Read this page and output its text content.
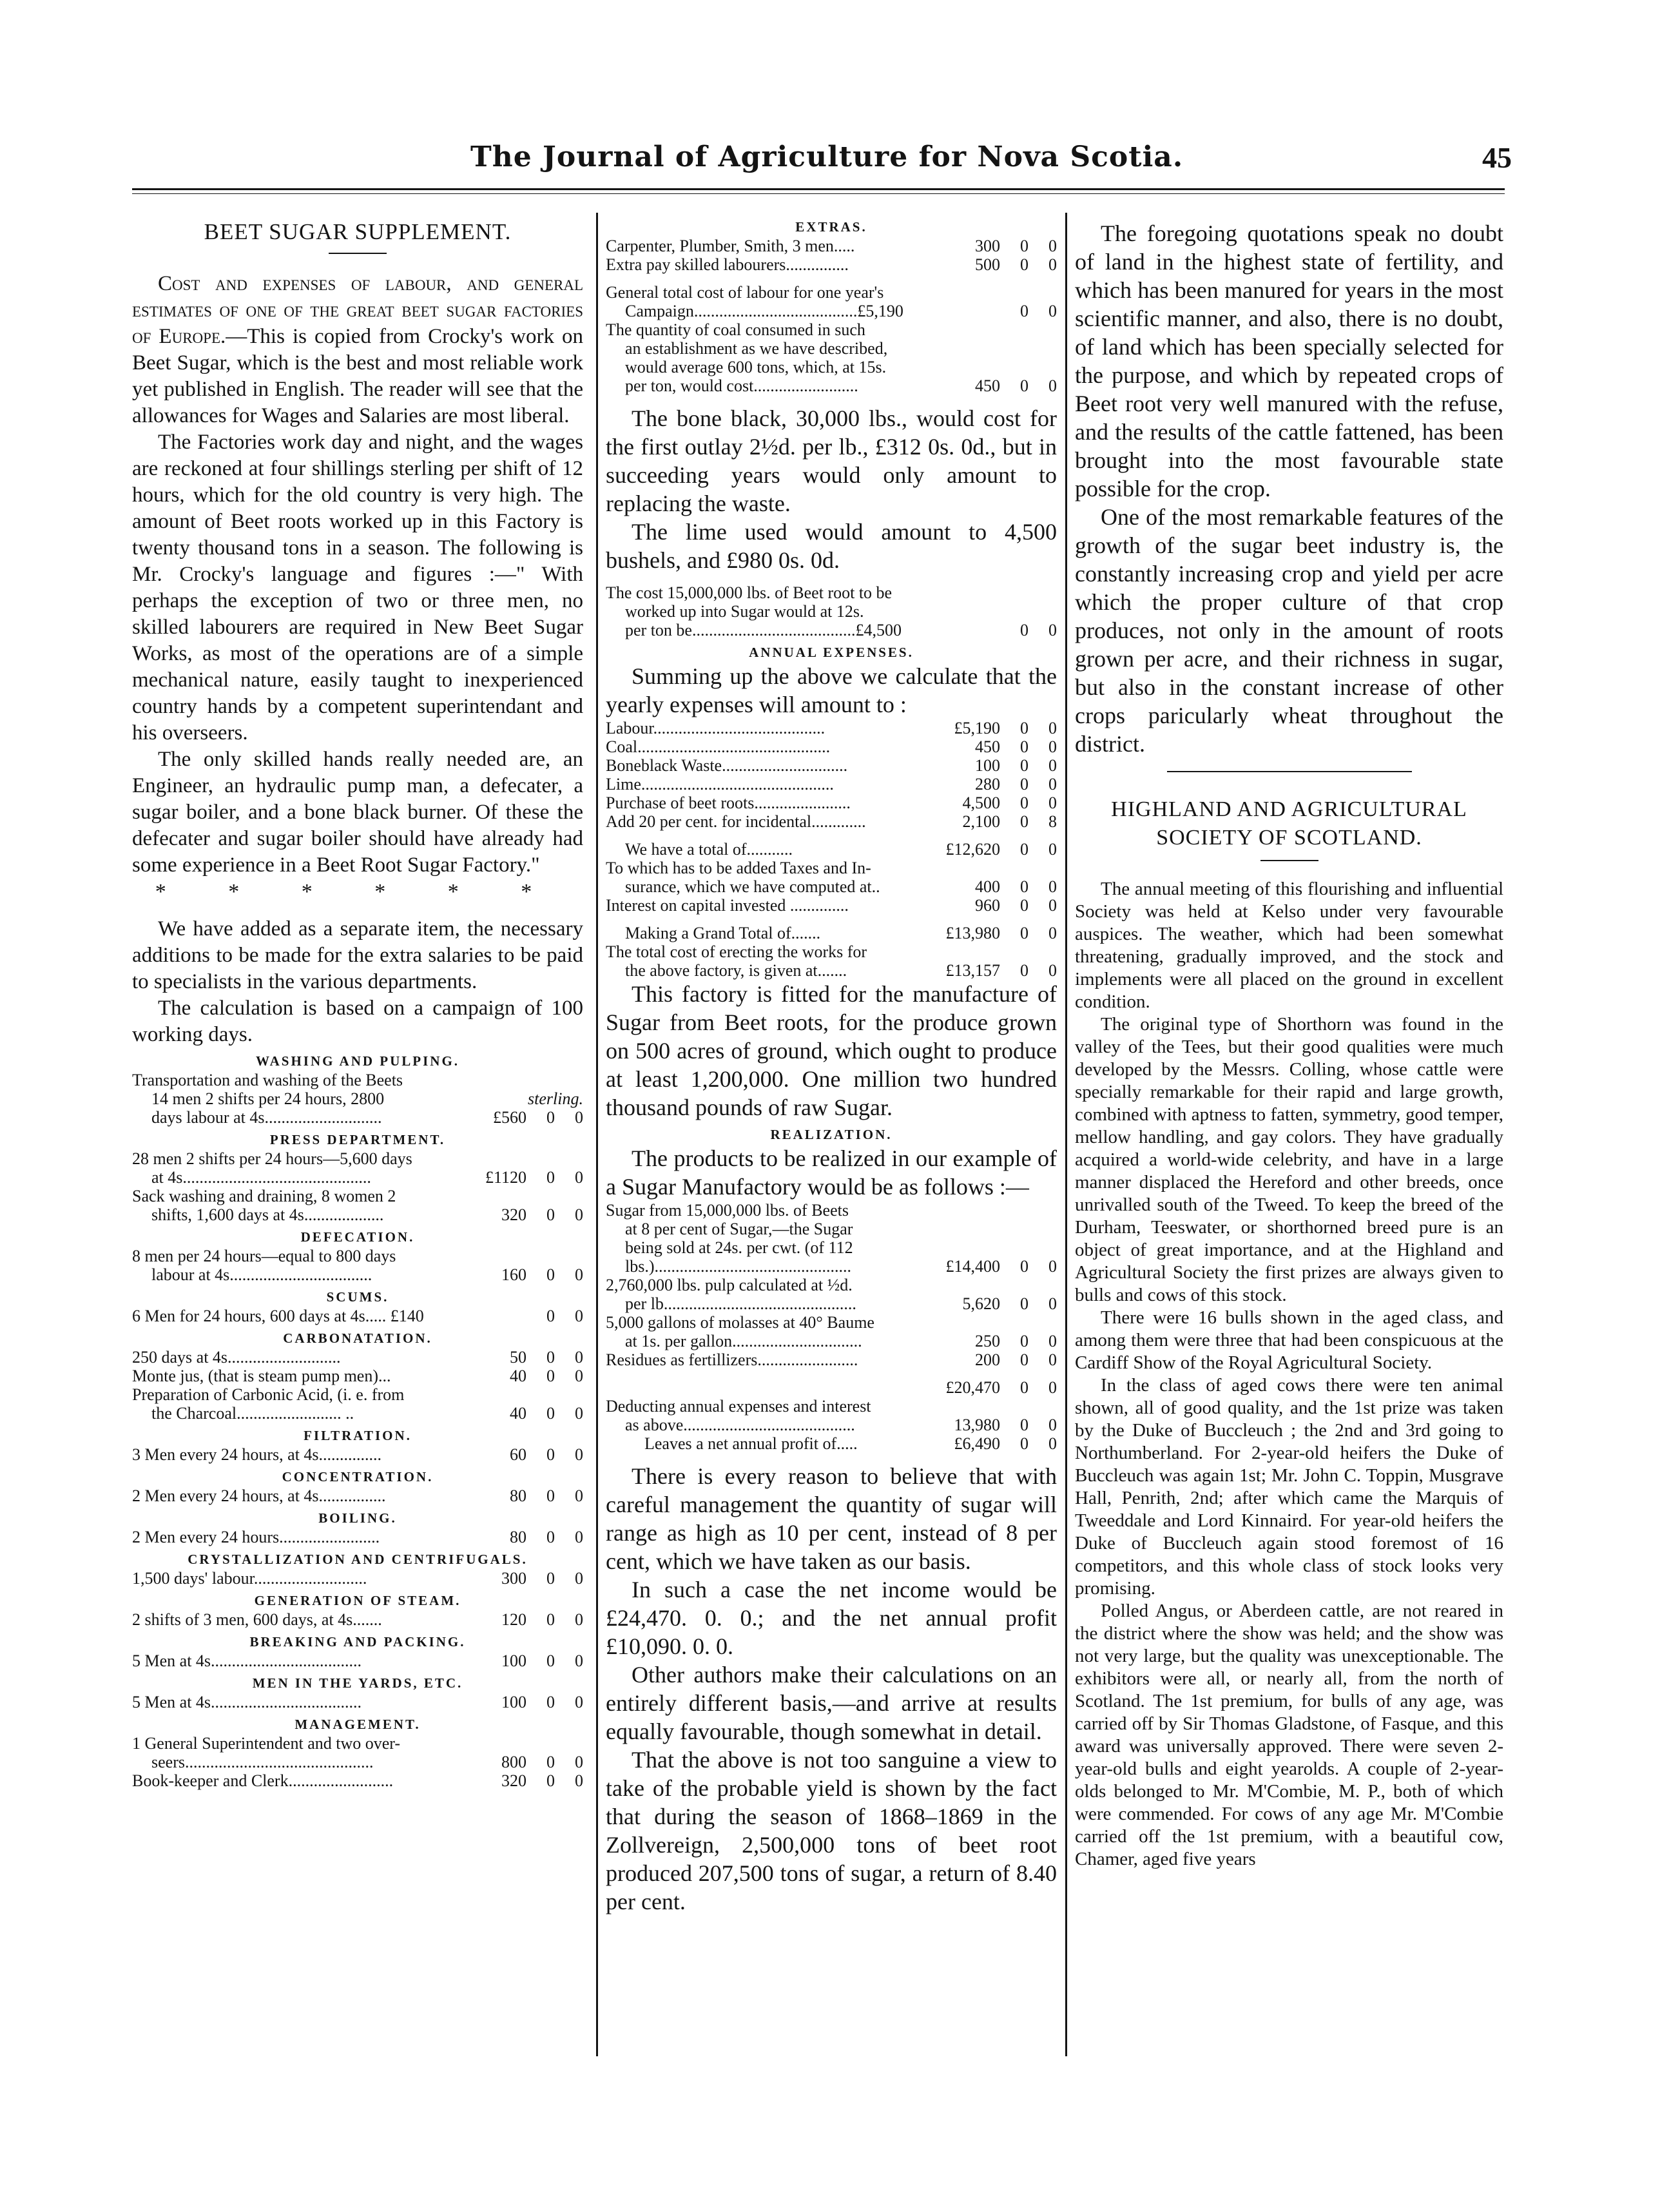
The Journal of Agriculture for Nova Scotia.	45
BEET SUGAR SUPPLEMENT.

Cost and expenses of labour, and general estimates of one of the great beet sugar factories of Europe.—This is copied from Crocky's work on Beet Sugar, which is the best and most reliable work yet published in English. The reader will see that the allowances for Wages and Salaries are most liberal.

The Factories work day and night, and the wages are reckoned at four shillings sterling per shift of 12 hours, which for the old country is very high. The amount of Beet roots worked up in this Factory is twenty thousand tons in a season. The following is Mr. Crocky's language and figures :—" With perhaps the exception of two or three men, no skilled labourers are required in New Beet Sugar Works, as most of the operations are of a simple mechanical nature, easily taught to inexperienced country hands by a competent superintendant and his overseers.

The only skilled hands really needed are, an Engineer, an hydraulic pump man, a defecater, a sugar boiler, and a bone black burner. Of these the defecater and sugar boiler should have already had some experience in a Beet Root Sugar Factory."

* * * * * *

We have added as a separate item, the necessary additions to be made for the extra salaries to be paid to specialists in the various departments.

The calculation is based on a campaign of 100 working days.

WASHING AND PULPING.
Transportation and washing of the Beets
14 men 2 shifts per 24 hours, 2800	sterling.
days labour at 4s............................	£560	0	0
PRESS DEPARTMENT.
28 men 2 shifts per 24 hours—5,600 days
at 4s.............................................	£1120	0	0
Sack washing and draining, 8 women 2
shifts, 1,600 days at 4s...................	320	0	0
DEFECATION.
8 men per 24 hours—equal to 800 days
labour at 4s..................................	160	0	0
SCUMS.
6 Men for 24 hours, 600 days at 4s..... £140	0	0
CARBONATATION.
250 days at 4s...........................	50	0	0
Monte jus, (that is steam pump men)...	40	0	0
Preparation of Carbonic Acid, (i. e. from
the Charcoal......................... ..	40	0	0
FILTRATION.
3 Men every 24 hours, at 4s...............	60	0	0
CONCENTRATION.
2 Men every 24 hours, at 4s................	80	0	0
BOILING.
2 Men every 24 hours........................	80	0	0
CRYSTALLIZATION AND CENTRIFUGALS.
1,500 days' labour...........................	300	0	0
GENERATION OF STEAM.
2 shifts of 3 men, 600 days, at 4s.......	120	0	0
BREAKING AND PACKING.
5 Men at 4s....................................	100	0	0
MEN IN THE YARDS, ETC.
5 Men at 4s....................................	100	0	0
MANAGEMENT.
1 General Superintendent and two over-
seers.............................................	800	0	0
Book-keeper and Clerk.........................	320	0	0
EXTRAS.
Carpenter, Plumber, Smith, 3 men.....	300	0	0
Extra pay skilled labourers...............	500	0	0
General total cost of labour for one year's
Campaign.......................................£5,190	0	0
The quantity of coal consumed in such
an establishment as we have described,
would average 600 tons, which, at 15s.
per ton, would cost.........................	450	0	0

The bone black, 30,000 lbs., would cost for the first outlay 2½d. per lb., £312 0s. 0d., but in succeeding years would only amount to replacing the waste.

The lime used would amount to 4,500 bushels, and £980 0s. 0d.

The cost 15,000,000 lbs. of Beet root to be
worked up into Sugar would at 12s.
per ton be.......................................£4,500	0	0
ANNUAL EXPENSES.

Summing up the above we calculate that the yearly expenses will amount to :

Labour.........................................	£5,190	0	0
Coal..............................................	450	0	0
Boneblack Waste..............................	100	0	0
Lime..............................................	280	0	0
Purchase of beet roots.......................	4,500	0	0
Add 20 per cent. for incidental.............	2,100	0	8
We have a total of...........	£12,620	0	0
To which has to be added Taxes and In-
surance, which we have computed at..	400	0	0
Interest on capital invested ..............	960	0	0
Making a Grand Total of.......	£13,980	0	0
The total cost of erecting the works for
the above factory, is given at.......	£13,157	0	0

This factory is fitted for the manufacture of Sugar from Beet roots, for the produce grown on 500 acres of ground, which ought to produce at least 1,200,000. One million two hundred thousand pounds of raw Sugar.

REALIZATION.

The products to be realized in our example of a Sugar Manufactory would be as follows :—

Sugar from 15,000,000 lbs. of Beets
at 8 per cent of Sugar,—the Sugar
being sold at 24s. per cwt. (of 112
lbs.)...............................................	£14,400	0	0
2,760,000 lbs. pulp calculated at ½d.
per lb..............................................	5,620	0	0
5,000 gallons of molasses at 40° Baume
at 1s. per gallon...............................	250	0	0
Residues as fertillizers........................	200	0	0
£20,470	0	0
Deducting annual expenses and interest
as above.........................................	13,980	0	0
Leaves a net annual profit of.....	£6,490	0	0

There is every reason to believe that with careful management the quantity of sugar will range as high as 10 per cent, instead of 8 per cent, which we have taken as our basis.

In such a case the net income would be £24,470. 0. 0.; and the net annual profit £10,090. 0. 0.

Other authors make their calculations on an entirely different basis,—and arrive at results equally favourable, though somewhat in detail.

That the above is not too sanguine a view to take of the probable yield is shown by the fact that during the season of 1868–1869 in the Zollvereign, 2,500,000 tons of beet root produced 207,500 tons of sugar, a return of 8.40 per cent.

The foregoing quotations speak no doubt of land in the highest state of fertility, and which has been manured for years in the most scientific manner, and also, there is no doubt, of land which has been specially selected for the purpose, and which by repeated crops of Beet root very well manured with the refuse, and the results of the cattle fattened, has been brought into the most favourable state possible for the crop.

One of the most remarkable features of the growth of the sugar beet industry is, the constantly increasing crop and yield per acre which the proper culture of that crop produces, not only in the amount of roots grown per acre, and their richness in sugar, but also in the constant increase of other crops paricularly wheat throughout the district.

HIGHLAND AND AGRICULTURAL SOCIETY OF SCOTLAND.

The annual meeting of this flourishing and influential Society was held at Kelso under very favourable auspices. The weather, which had been somewhat threatening, gradually improved, and the stock and implements were all placed on the ground in excellent condition.

The original type of Shorthorn was found in the valley of the Tees, but their good qualities were much developed by the Messrs. Colling, whose cattle were specially remarkable for their rapid and large growth, combined with aptness to fatten, symmetry, good temper, mellow handling, and gay colors. They have gradually acquired a world-wide celebrity, and have in a large manner displaced the Hereford and other breeds, once unrivalled south of the Tweed. To keep the breed of the Durham, Teeswater, or shorthorned breed pure is an object of great importance, and at the Highland and Agricultural Society the first prizes are always given to bulls and cows of this stock.

There were 16 bulls shown in the aged class, and among them were three that had been conspicuous at the Cardiff Show of the Royal Agricultural Society.

In the class of aged cows there were ten animal shown, all of good quality, and the 1st prize was taken by the Duke of Buccleuch ; the 2nd and 3rd going to Northumberland. For 2-year-old heifers the Duke of Buccleuch was again 1st; Mr. John C. Toppin, Musgrave Hall, Penrith, 2nd; after which came the Marquis of Tweeddale and Lord Kinnaird. For year-old heifers the Duke of Buccleuch again stood foremost of 16 competitors, and this whole class of stock looks very promising.

Polled Angus, or Aberdeen cattle, are not reared in the district where the show was held; and the show was not very large, but the quality was unexceptionable. The exhibitors were all, or nearly all, from the north of Scotland. The 1st premium, for bulls of any age, was carried off by Sir Thomas Gladstone, of Fasque, and this award was universally approved. There were seven 2-year-old bulls and eight yearolds. A couple of 2-year-olds belonged to Mr. M'Combie, M. P., both of which were commended. For cows of any age Mr. M'Combie carried off the 1st premium, with a beautiful cow, Chamer, aged five years
